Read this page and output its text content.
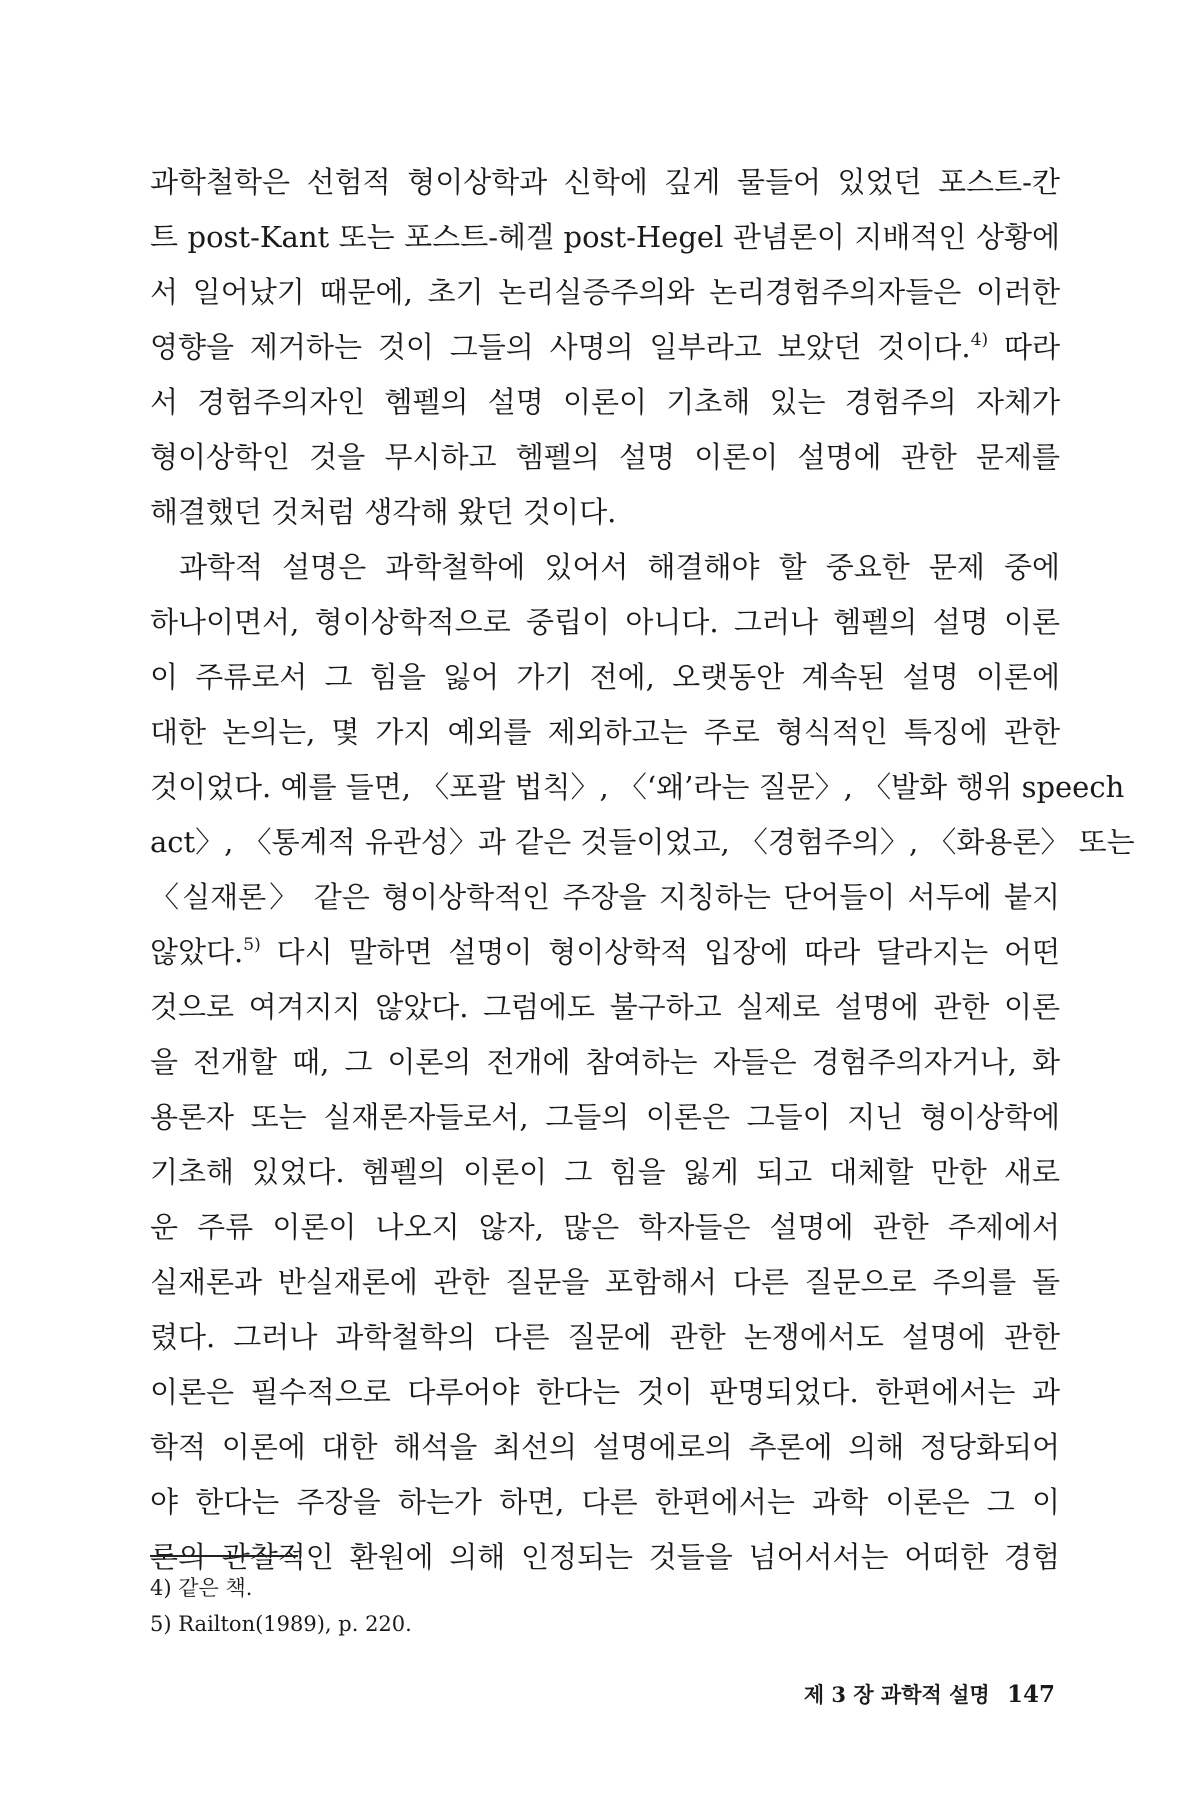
과학철학은 선험적 형이상학과 신학에 깊게 물들어 있었던 포스트-칸
트 post-Kant 또는 포스트-헤겔 post-Hegel 관념론이 지배적인 상황에
서 일어났기 때문에, 초기 논리실증주의와 논리경험주의자들은 이러한
영향을 제거하는 것이 그들의 사명의 일부라고 보았던 것이다.$^{4)}$ 따라
서 경험주의자인 헴펠의 설명 이론이 기초해 있는 경험주의 자체가
형이상학인 것을 무시하고 헴펠의 설명 이론이 설명에 관한 문제를
해결했던 것처럼 생각해 왔던 것이다.
과학적 설명은 과학철학에 있어서 해결해야 할 중요한 문제 중에
하나이면서, 형이상학적으로 중립이 아니다. 그러나 헴펠의 설명 이론
이 주류로서 그 힘을 잃어 가기 전에, 오랫동안 계속된 설명 이론에
대한 논의는, 몇 가지 예외를 제외하고는 주로 형식적인 특징에 관한
것이었다. 예를 들면, 〈포괄 법칙〉, 〈‘왜’라는 질문〉, 〈발화 행위 speech
act〉, 〈통계적 유관성〉과 같은 것들이었고, 〈경험주의〉, 〈화용론〉 또는
〈실재론〉 같은 형이상학적인 주장을 지칭하는 단어들이 서두에 붙지
않았다.$^{5)}$ 다시 말하면 설명이 형이상학적 입장에 따라 달라지는 어떤
것으로 여겨지지 않았다. 그럼에도 불구하고 실제로 설명에 관한 이론
을 전개할 때, 그 이론의 전개에 참여하는 자들은 경험주의자거나, 화
용론자 또는 실재론자들로서, 그들의 이론은 그들이 지닌 형이상학에
기초해 있었다. 헴펠의 이론이 그 힘을 잃게 되고 대체할 만한 새로
운 주류 이론이 나오지 않자, 많은 학자들은 설명에 관한 주제에서
실재론과 반실재론에 관한 질문을 포함해서 다른 질문으로 주의를 돌
렸다. 그러나 과학철학의 다른 질문에 관한 논쟁에서도 설명에 관한
이론은 필수적으로 다루어야 한다는 것이 판명되었다. 한편에서는 과
학적 이론에 대한 해석을 최선의 설명에로의 추론에 의해 정당화되어
야 한다는 주장을 하는가 하면, 다른 한편에서는 과학 이론은 그 이
론의 관찰적인 환원에 의해 인정되는 것들을 넘어서서는 어떠한 경험
4) 같은 책.
5) Railton(1989), p. 220.
제 3 장 과학적 설명 147
